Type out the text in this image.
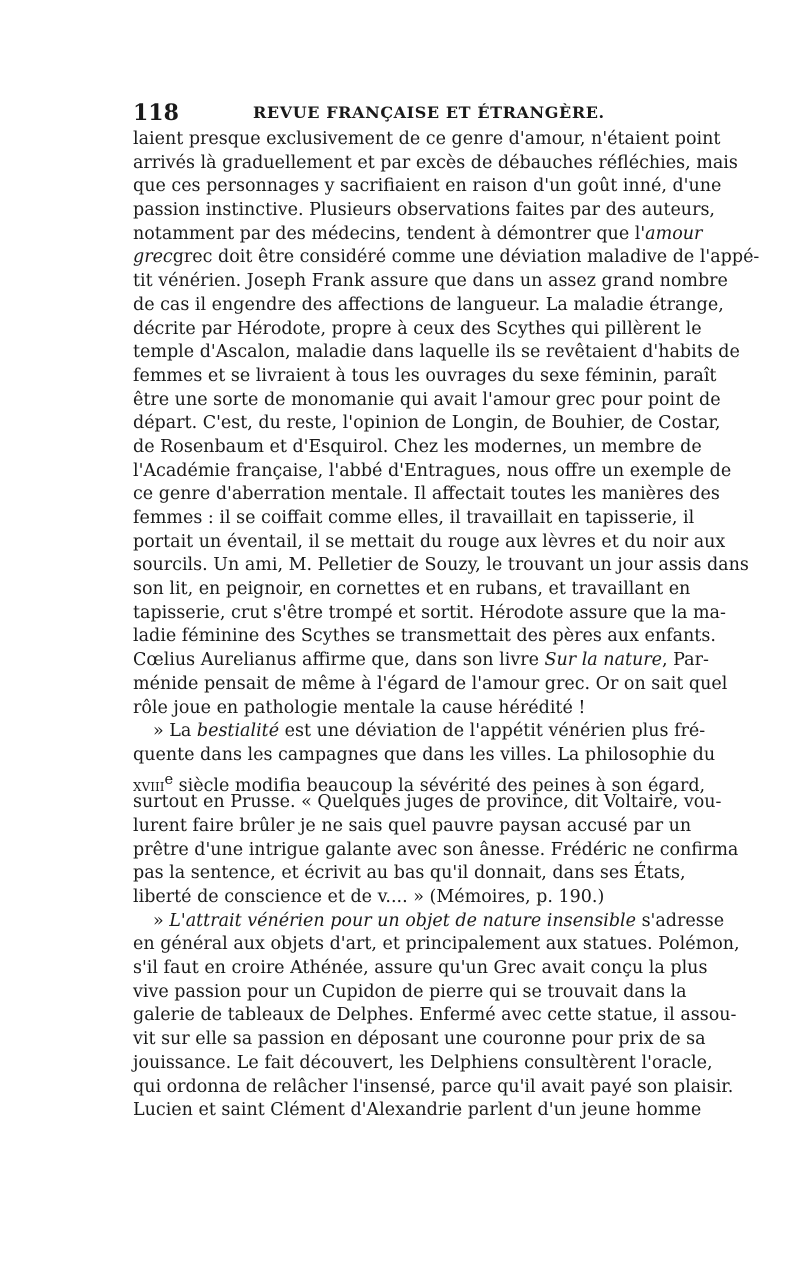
118	REVUE FRANÇAISE ET ÉTRANGÈRE.
laient presque exclusivement de ce genre d'amour, n'étaient point
arrivés là graduellement et par excès de débauches réfléchies, mais
que ces personnages y sacrifiaient en raison d'un goût inné, d'une
passion instinctive. Plusieurs observations faites par des auteurs,
notamment par des médecins, tendent à démontrer que l'amour
grecgrec doit être considéré comme une déviation maladive de l'appé-
tit vénérien. Joseph Frank assure que dans un assez grand nombre
de cas il engendre des affections de langueur. La maladie étrange,
décrite par Hérodote, propre à ceux des Scythes qui pillèrent le
temple d'Ascalon, maladie dans laquelle ils se revêtaient d'habits de
femmes et se livraient à tous les ouvrages du sexe féminin, paraît
être une sorte de monomanie qui avait l'amour grec pour point de
départ. C'est, du reste, l'opinion de Longin, de Bouhier, de Costar,
de Rosenbaum et d'Esquirol. Chez les modernes, un membre de
l'Académie française, l'abbé d'Entragues, nous offre un exemple de
ce genre d'aberration mentale. Il affectait toutes les manières des
femmes : il se coiffait comme elles, il travaillait en tapisserie, il
portait un éventail, il se mettait du rouge aux lèvres et du noir aux
sourcils. Un ami, M. Pelletier de Souzy, le trouvant un jour assis dans
son lit, en peignoir, en cornettes et en rubans, et travaillant en
tapisserie, crut s'être trompé et sortit. Hérodote assure que la ma-
ladie féminine des Scythes se transmettait des pères aux enfants.
Cœlius Aurelianus affirme que, dans son livre Sur la nature, Par-
ménide pensait de même à l'égard de l'amour grec. Or on sait quel
rôle joue en pathologie mentale la cause hérédité !
» La bestialité est une déviation de l'appétit vénérien plus fré-
quente dans les campagnes que dans les villes. La philosophie du
xviii$^e$ siècle modifia beaucoup la sévérité des peines à son égard,
surtout en Prusse. « Quelques juges de province, dit Voltaire, vou-
lurent faire brûler je ne sais quel pauvre paysan accusé par un
prêtre d'une intrigue galante avec son ânesse. Frédéric ne confirma
pas la sentence, et écrivit au bas qu'il donnait, dans ses États,
liberté de conscience et de v.... » (Mémoires, p. 190.)
» L'attrait vénérien pour un objet de nature insensible s'adresse
en général aux objets d'art, et principalement aux statues. Polémon,
s'il faut en croire Athénée, assure qu'un Grec avait conçu la plus
vive passion pour un Cupidon de pierre qui se trouvait dans la
galerie de tableaux de Delphes. Enfermé avec cette statue, il assou-
vit sur elle sa passion en déposant une couronne pour prix de sa
jouissance. Le fait découvert, les Delphiens consultèrent l'oracle,
qui ordonna de relâcher l'insensé, parce qu'il avait payé son plaisir.
Lucien et saint Clément d'Alexandrie parlent d'un jeune homme
